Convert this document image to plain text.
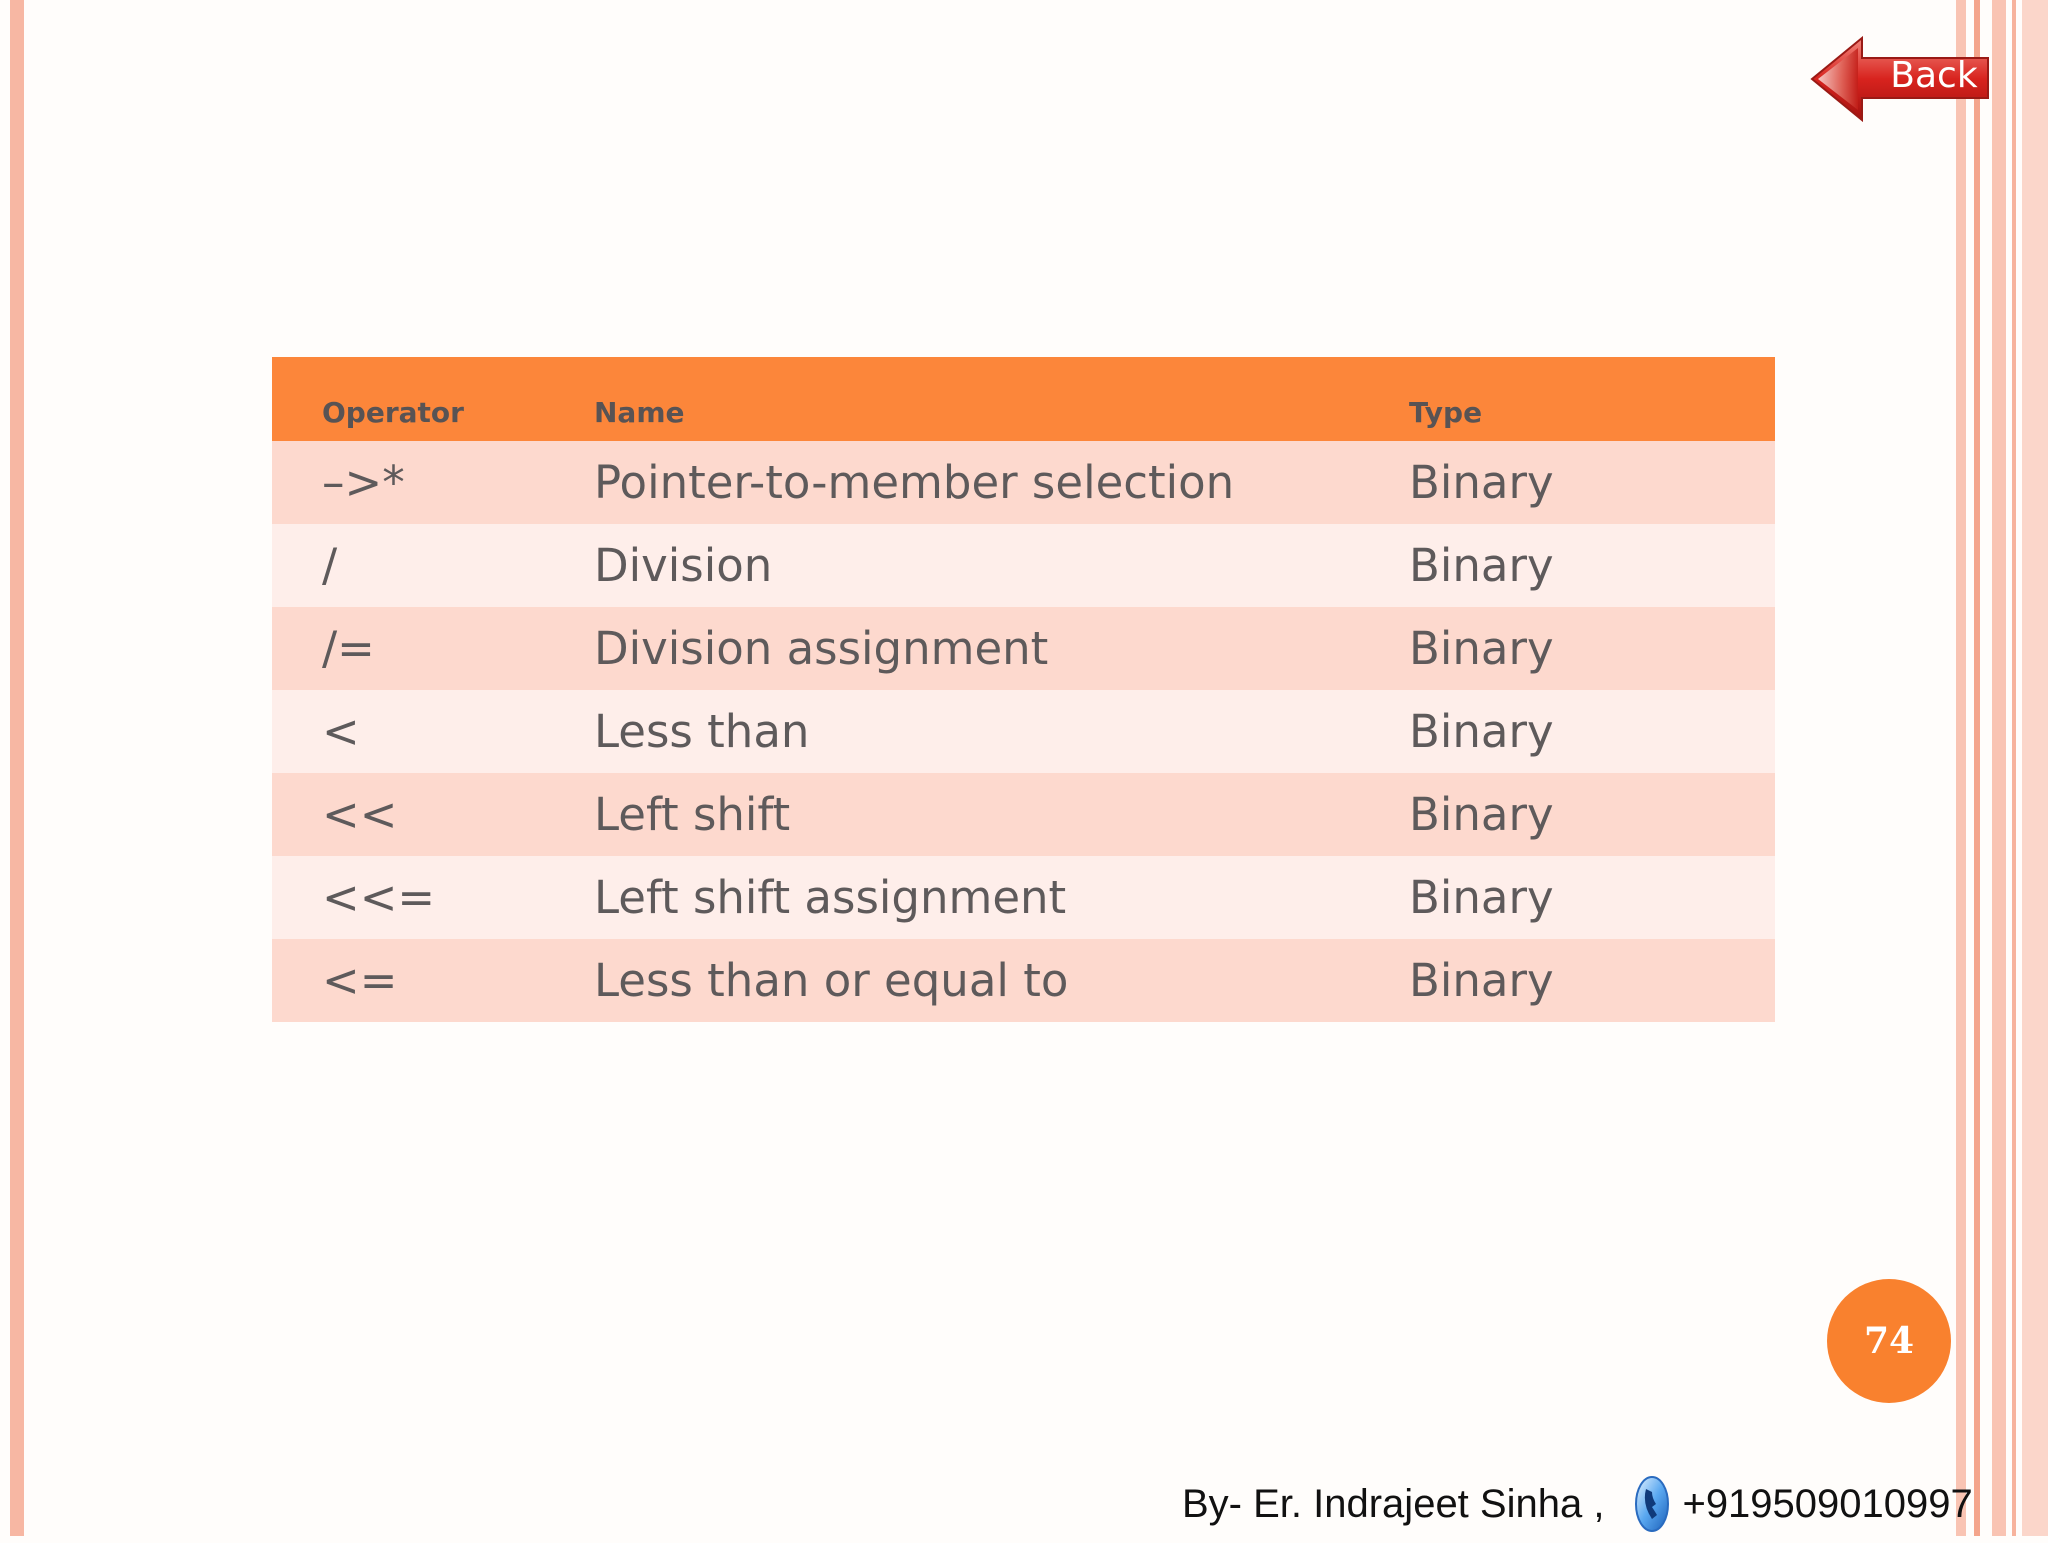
Back
Operator	Name	Type

–>*	Pointer-to-member selection	Binary
/	Division	Binary
/=	Division assignment	Binary
<	Less than	Binary
<<	Left shift	Binary
<<=	Left shift assignment	Binary
<=	Less than or equal to	Binary
74
By- Er. Indrajeet Sinha , +919509010997
